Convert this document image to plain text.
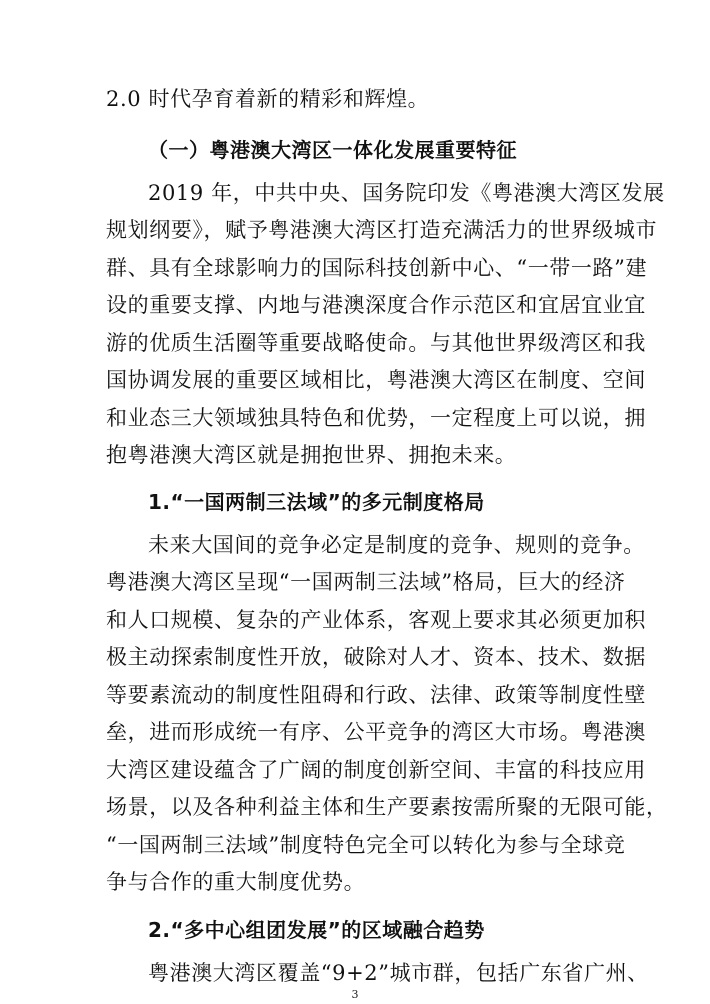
2.0 时代孕育着新的精彩和辉煌。
（一）粤港澳大湾区一体化发展重要特征
2019 年，中共中央、国务院印发《粤港澳大湾区发展
规划纲要》，赋予粤港澳大湾区打造充满活力的世界级城市
群、具有全球影响力的国际科技创新中心、“一带一路”建
设的重要支撑、内地与港澳深度合作示范区和宜居宜业宜
游的优质生活圈等重要战略使命。与其他世界级湾区和我
国协调发展的重要区域相比，粤港澳大湾区在制度、空间
和业态三大领域独具特色和优势，一定程度上可以说，拥
抱粤港澳大湾区就是拥抱世界、拥抱未来。
1.“一国两制三法域”的多元制度格局
未来大国间的竞争必定是制度的竞争、规则的竞争。
粤港澳大湾区呈现“一国两制三法域”格局，巨大的经济
和人口规模、复杂的产业体系，客观上要求其必须更加积
极主动探索制度性开放，破除对人才、资本、技术、数据
等要素流动的制度性阻碍和行政、法律、政策等制度性壁
垒，进而形成统一有序、公平竞争的湾区大市场。粤港澳
大湾区建设蕴含了广阔的制度创新空间、丰富的科技应用
场景，以及各种利益主体和生产要素按需所聚的无限可能，
“一国两制三法域”制度特色完全可以转化为参与全球竞
争与合作的重大制度优势。
2.“多中心组团发展”的区域融合趋势
粤港澳大湾区覆盖“9+2”城市群，包括广东省广州、
3
